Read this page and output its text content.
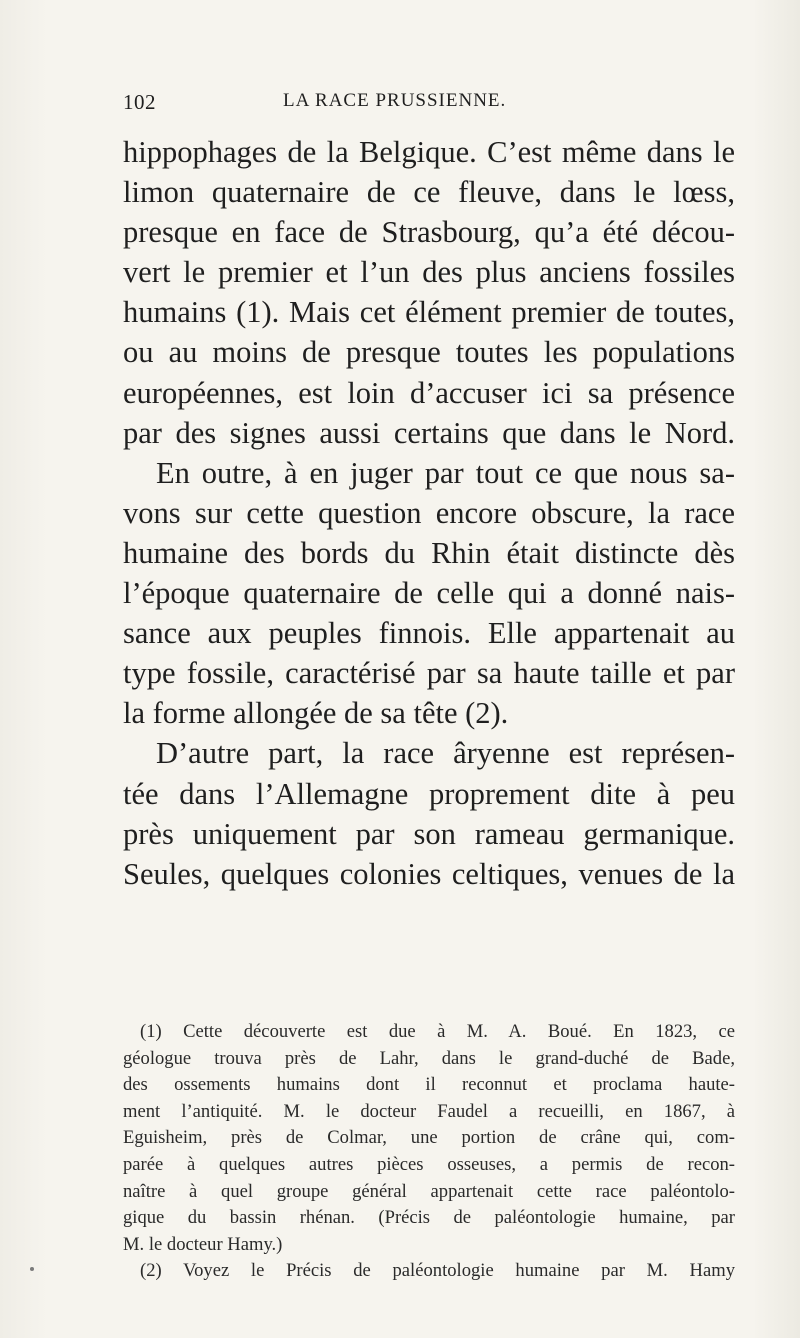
102	LA RACE PRUSSIENNE.
hippophages de la Belgique. C’est même dans le
limon quaternaire de ce fleuve, dans le lœss,
presque en face de Strasbourg, qu’a été décou-
vert le premier et l’un des plus anciens fossiles
humains (1). Mais cet élément premier de toutes,
ou au moins de presque toutes les populations
européennes, est loin d’accuser ici sa présence
par des signes aussi certains que dans le Nord.
En outre, à en juger par tout ce que nous sa-
vons sur cette question encore obscure, la race
humaine des bords du Rhin était distincte dès
l’époque quaternaire de celle qui a donné nais-
sance aux peuples finnois. Elle appartenait au
type fossile, caractérisé par sa haute taille et par
la forme allongée de sa tête (2).
D’autre part, la race âryenne est représen-
tée dans l’Allemagne proprement dite à peu
près uniquement par son rameau germanique.
Seules, quelques colonies celtiques, venues de la
(1) Cette découverte est due à M. A. Boué. En 1823, ce
géologue trouva près de Lahr, dans le grand-duché de Bade,
des ossements humains dont il reconnut et proclama haute-
ment l’antiquité. M. le docteur Faudel a recueilli, en 1867, à
Eguisheim, près de Colmar, une portion de crâne qui, com-
parée à quelques autres pièces osseuses, a permis de recon-
naître à quel groupe général appartenait cette race paléontolo-
gique du bassin rhénan. (Précis de paléontologie humaine, par
M. le docteur Hamy.)
(2) Voyez le Précis de paléontologie humaine par M. Hamy
